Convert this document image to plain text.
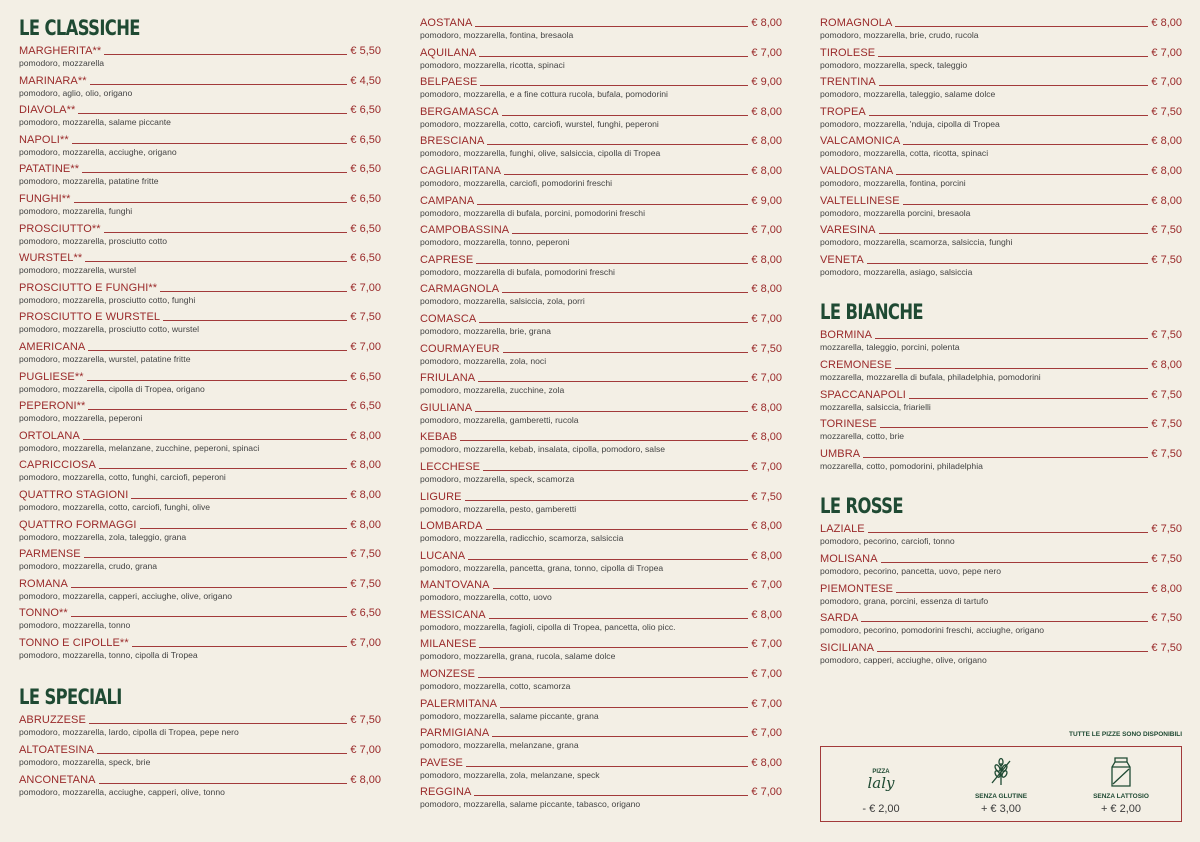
LE CLASSICHE
MARGHERITA**	€ 5,50
pomodoro, mozzarella
MARINARA**	€ 4,50
pomodoro, aglio, olio, origano
DIAVOLA**	€ 6,50
pomodoro, mozzarella, salame piccante
NAPOLI**	€ 6,50
pomodoro, mozzarella, acciughe, origano
PATATINE**	€ 6,50
pomodoro, mozzarella, patatine fritte
FUNGHI**	€ 6,50
pomodoro, mozzarella, funghi
PROSCIUTTO**	€ 6,50
pomodoro, mozzarella, prosciutto cotto
WURSTEL**	€ 6,50
pomodoro, mozzarella, wurstel
PROSCIUTTO E FUNGHI**	€ 7,00
pomodoro, mozzarella, prosciutto cotto, funghi
PROSCIUTTO E WURSTEL	€ 7,50
pomodoro, mozzarella, prosciutto cotto, wurstel
AMERICANA	€ 7,00
pomodoro, mozzarella, wurstel, patatine fritte
PUGLIESE**	€ 6,50
pomodoro, mozzarella, cipolla di Tropea, origano
PEPERONI**	€ 6,50
pomodoro, mozzarella, peperoni
ORTOLANA	€ 8,00
pomodoro, mozzarella, melanzane, zucchine, peperoni, spinaci
CAPRICCIOSA	€ 8,00
pomodoro, mozzarella, cotto, funghi, carciofi, peperoni
QUATTRO STAGIONI	€ 8,00
pomodoro, mozzarella, cotto, carciofi, funghi, olive
QUATTRO FORMAGGI	€ 8,00
pomodoro, mozzarella, zola, taleggio, grana
PARMENSE	€ 7,50
pomodoro, mozzarella, crudo, grana
ROMANA	€ 7,50
pomodoro, mozzarella, capperi, acciughe, olive, origano
TONNO**	€ 6,50
pomodoro, mozzarella, tonno
TONNO E CIPOLLE**	€ 7,00
pomodoro, mozzarella, tonno, cipolla di Tropea
LE SPECIALI
ABRUZZESE	€ 7,50
pomodoro, mozzarella, lardo, cipolla di Tropea, pepe nero
ALTOATESINA	€ 7,00
pomodoro, mozzarella, speck, brie
ANCONETANA	€ 8,00
pomodoro, mozzarella, acciughe, capperi, olive, tonno
AOSTANA	€ 8,00
pomodoro, mozzarella, fontina, bresaola
AQUILANA	€ 7,00
pomodoro, mozzarella, ricotta, spinaci
BELPAESE	€ 9,00
pomodoro, mozzarella, e a fine cottura rucola, bufala, pomodorini
BERGAMASCA	€ 8,00
pomodoro, mozzarella, cotto, carciofi, wurstel, funghi, peperoni
BRESCIANA	€ 8,00
pomodoro, mozzarella, funghi, olive, salsiccia, cipolla di Tropea
CAGLIARITANA	€ 8,00
pomodoro, mozzarella, carciofi, pomodorini freschi
CAMPANA	€ 9,00
pomodoro, mozzarella di bufala, porcini, pomodorini freschi
CAMPOBASSINA	€ 7,00
pomodoro, mozzarella, tonno, peperoni
CAPRESE	€ 8,00
pomodoro, mozzarella di bufala, pomodorini freschi
CARMAGNOLA	€ 8,00
pomodoro, mozzarella, salsiccia, zola, porri
COMASCA	€ 7,00
pomodoro, mozzarella, brie, grana
COURMAYEUR	€ 7,50
pomodoro, mozzarella, zola, noci
FRIULANA	€ 7,00
pomodoro, mozzarella, zucchine, zola
GIULIANA	€ 8,00
pomodoro, mozzarella, gamberetti, rucola
KEBAB	€ 8,00
pomodoro, mozzarella, kebab, insalata, cipolla, pomodoro, salse
LECCHESE	€ 7,00
pomodoro, mozzarella, speck, scamorza
LIGURE	€ 7,50
pomodoro, mozzarella, pesto, gamberetti
LOMBARDA	€ 8,00
pomodoro, mozzarella, radicchio, scamorza, salsiccia
LUCANA	€ 8,00
pomodoro, mozzarella, pancetta, grana, tonno, cipolla di Tropea
MANTOVANA	€ 7,00
pomodoro, mozzarella, cotto, uovo
MESSICANA	€ 8,00
pomodoro, mozzarella, fagioli, cipolla di Tropea, pancetta, olio picc.
MILANESE	€ 7,00
pomodoro, mozzarella, grana, rucola, salame dolce
MONZESE	€ 7,00
pomodoro, mozzarella, cotto, scamorza
PALERMITANA	€ 7,00
pomodoro, mozzarella, salame piccante, grana
PARMIGIANA	€ 7,00
pomodoro, mozzarella, melanzane, grana
PAVESE	€ 8,00
pomodoro, mozzarella, zola, melanzane, speck
REGGINA	€ 7,00
pomodoro, mozzarella, salame piccante, tabasco, origano
ROMAGNOLA	€ 8,00
pomodoro, mozzarella, brie, crudo, rucola
TIROLESE	€ 7,00
pomodoro, mozzarella, speck, taleggio
TRENTINA	€ 7,00
pomodoro, mozzarella, taleggio, salame dolce
TROPEA	€ 7,50
pomodoro, mozzarella, 'nduja, cipolla di Tropea
VALCAMONICA	€ 8,00
pomodoro, mozzarella, cotta, ricotta, spinaci
VALDOSTANA	€ 8,00
pomodoro, mozzarella, fontina, porcini
VALTELLINESE	€ 8,00
pomodoro, mozzarella porcini, bresaola
VARESINA	€ 7,50
pomodoro, mozzarella, scamorza, salsiccia, funghi
VENETA	€ 7,50
pomodoro, mozzarella, asiago, salsiccia
LE BIANCHE
BORMINA	€ 7,50
mozzarella, taleggio, porcini, polenta
CREMONESE	€ 8,00
mozzarella, mozzarella di bufala, philadelphia, pomodorini
SPACCANAPOLI	€ 7,50
mozzarella, salsiccia, friarielli
TORINESE	€ 7,50
mozzarella, cotto, brie
UMBRA	€ 7,50
mozzarella, cotto, pomodorini, philadelphia
LE ROSSE
LAZIALE	€ 7,50
pomodoro, pecorino, carciofi, tonno
MOLISANA	€ 7,50
pomodoro, pecorino, pancetta, uovo, pepe nero
PIEMONTESE	€ 8,00
pomodoro, grana, porcini, essenza di tartufo
SARDA	€ 7,50
pomodoro, pecorino, pomodorini freschi, acciughe, origano
SICILIANA	€ 7,50
pomodoro, capperi, acciughe, olive, origano
TUTTE LE PIZZE SONO DISPONIBILI
PIZZA
laly
- € 2,00
SENZA GLUTINE
+ € 3,00
SENZA LATTOSIO
+ € 2,00
